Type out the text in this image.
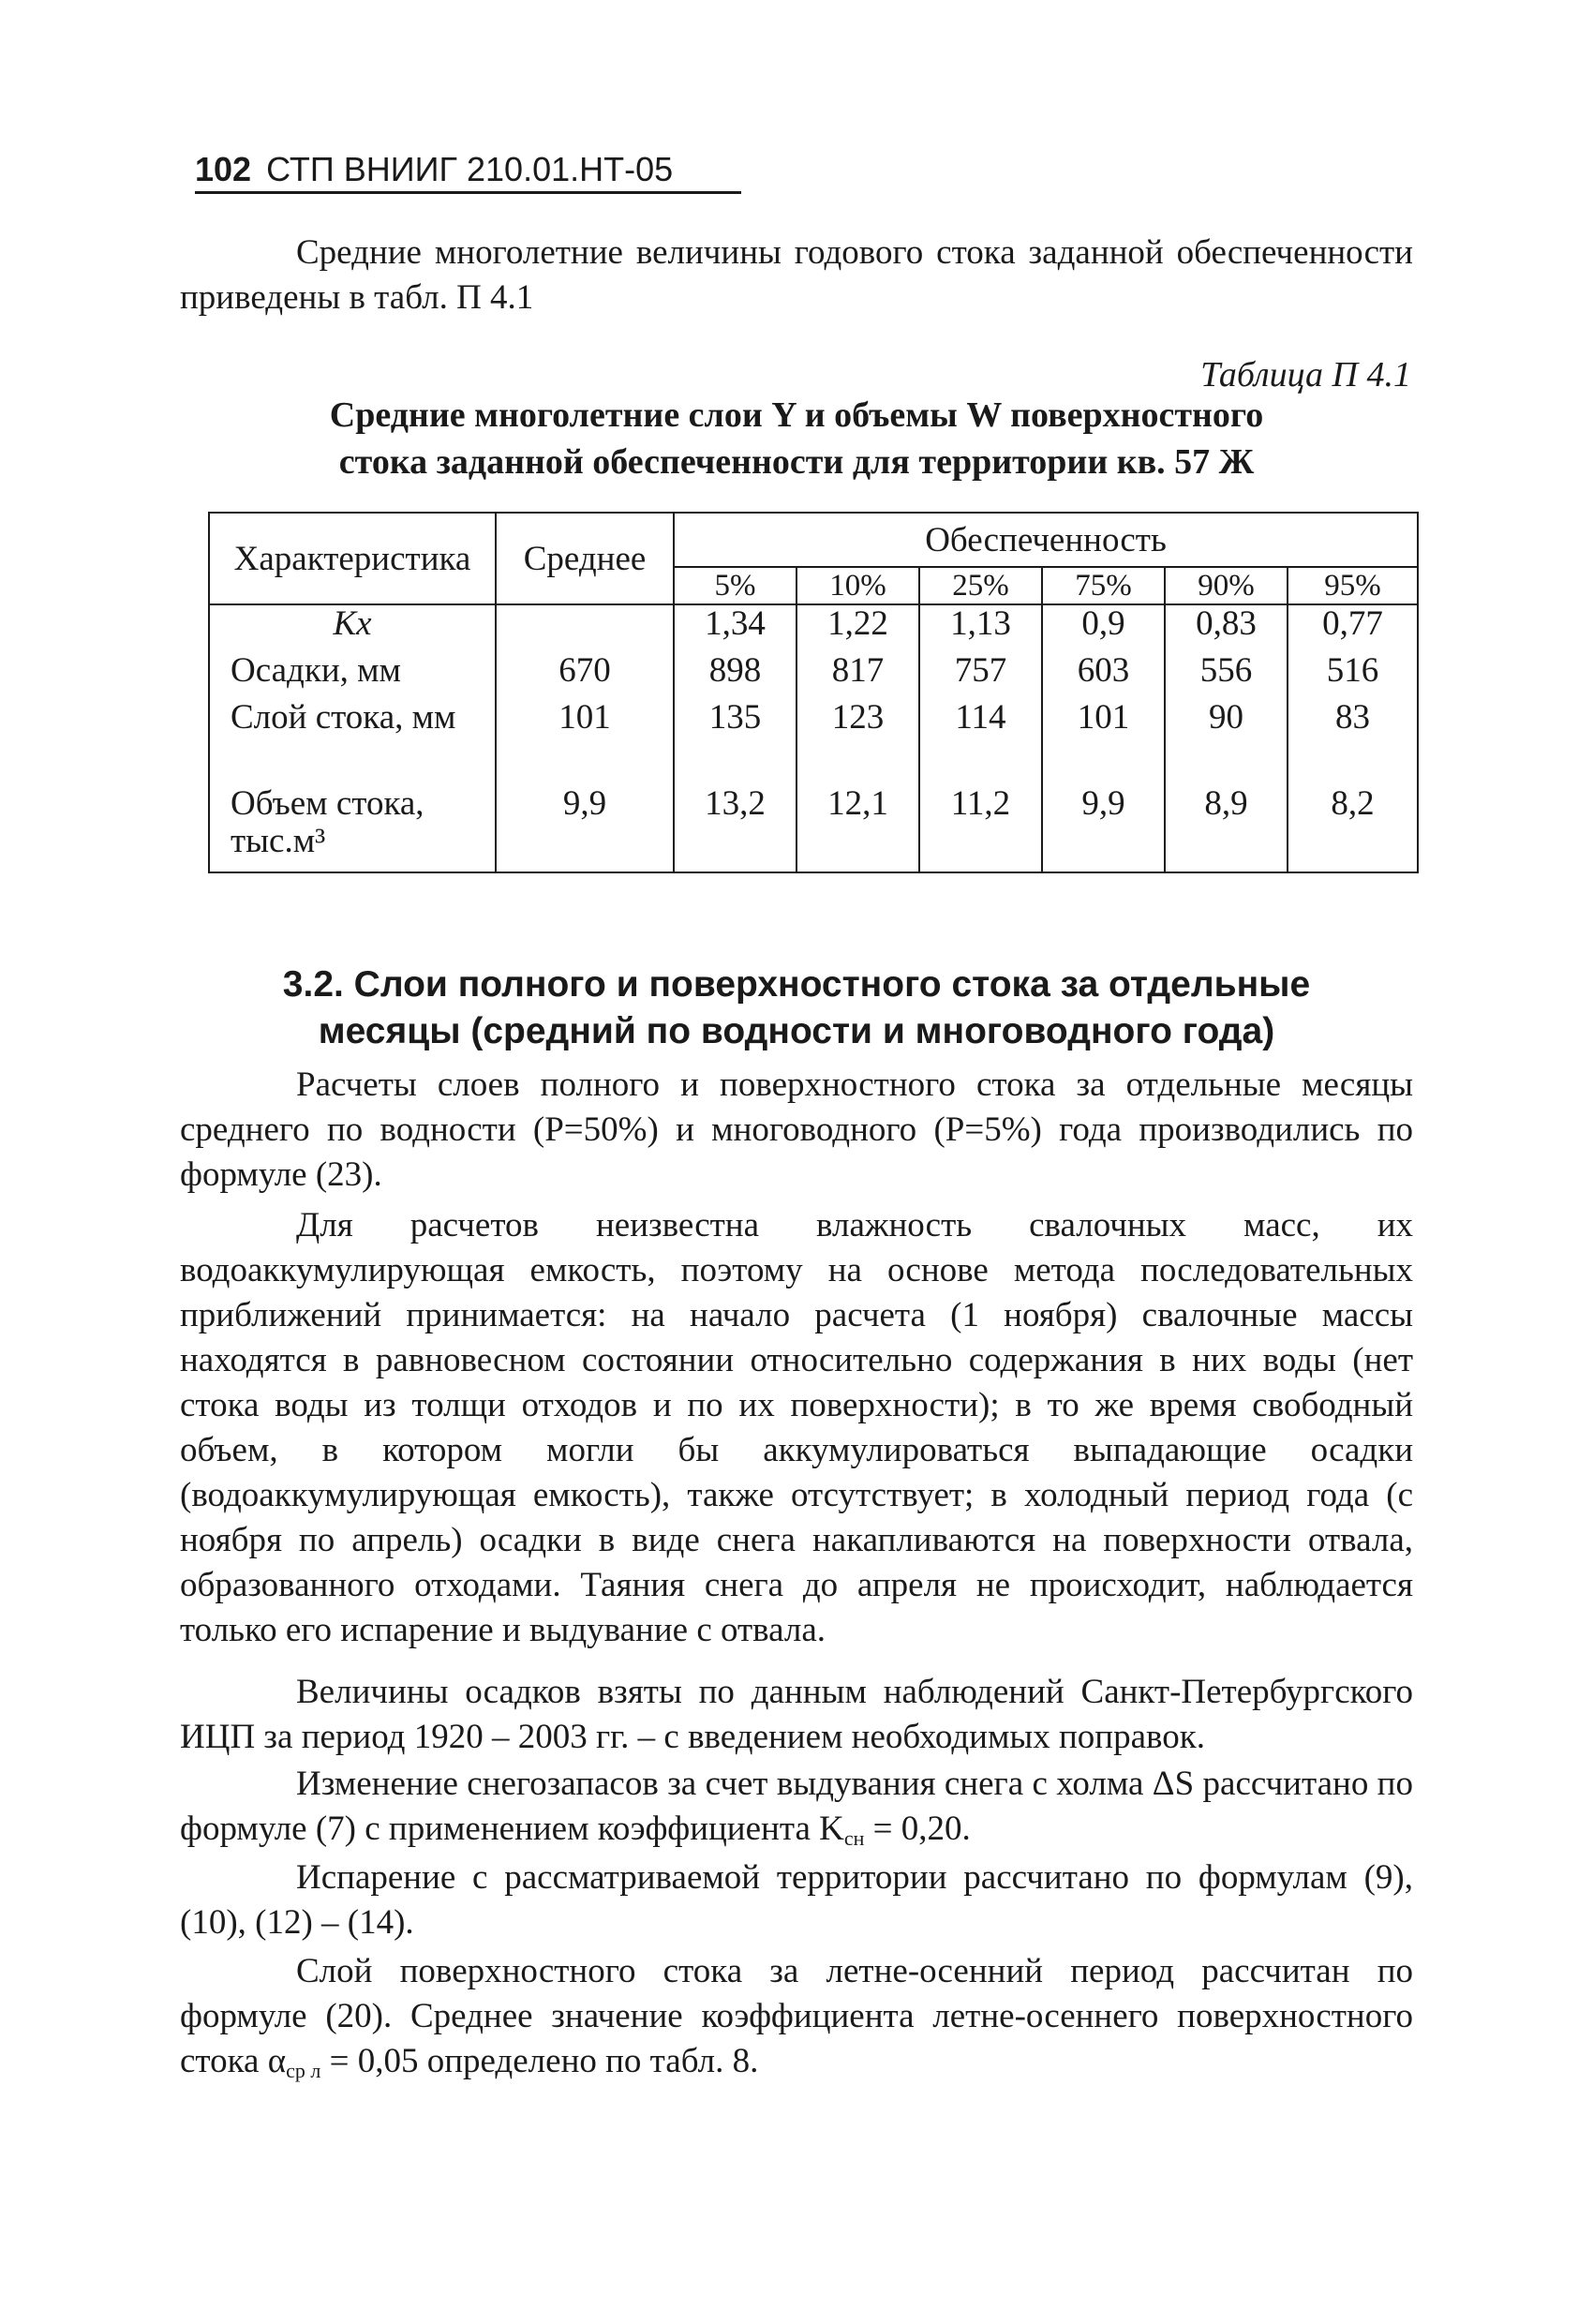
102 СТП ВНИИГ 210.01.НТ-05

Средние многолетние величины годового стока заданной обеспеченности приведены в табл. П 4.1

Таблица П 4.1
Средние многолетние слои Y и объемы W поверхностного
стока заданной обеспеченности для территории кв. 57 Ж
Характеристика	Среднее	Обеспеченность					
		5%	10%	25%	75%	90%	95%
Kx		1,34	1,22	1,13	0,9	0,83	0,77
Осадки, мм	670	898	817	757	603	556	516
Слой стока, мм	101	135	123	114	101	90	83
Объем стока, тыс.м³	9,9	13,2	12,1	11,2	9,9	8,9	8,2
3.2. Слои полного и поверхностного стока за отдельные
месяцы (средний по водности и многоводного года)

Расчеты слоев полного и поверхностного стока за отдельные месяцы среднего по водности (P=50%) и многоводного (P=5%) года производились по формуле (23).

Для расчетов неизвестна влажность свалочных масс, их водоаккумулирующая емкость, поэтому на основе метода последовательных приближений принимается: на начало расчета (1 ноября) свалочные массы находятся в равновесном состоянии относительно содержания в них воды (нет стока воды из толщи отходов и по их поверхности); в то же время свободный объем, в котором могли бы аккумулироваться выпадающие осадки (водоаккумулирующая емкость), также отсутствует; в холодный период года (с ноября по апрель) осадки в виде снега накапливаются на поверхности отвала, образованного отходами. Таяния снега до апреля не происходит, наблюдается только его испарение и выдувание с отвала.

Величины осадков взяты по данным наблюдений Санкт-Петербургского ИЦП за период 1920 – 2003 гг. – с введением необходимых поправок.

Изменение снегозапасов за счет выдувания снега с холма ΔS рассчитано по формуле (7) с применением коэффициента Kсн = 0,20.

Испарение с рассматриваемой территории рассчитано по формулам (9), (10), (12) – (14).

Слой поверхностного стока за летне-осенний период рассчитан по формуле (20). Среднее значение коэффициента летне-осеннего поверхностного стока αср л = 0,05 определено по табл. 8.
